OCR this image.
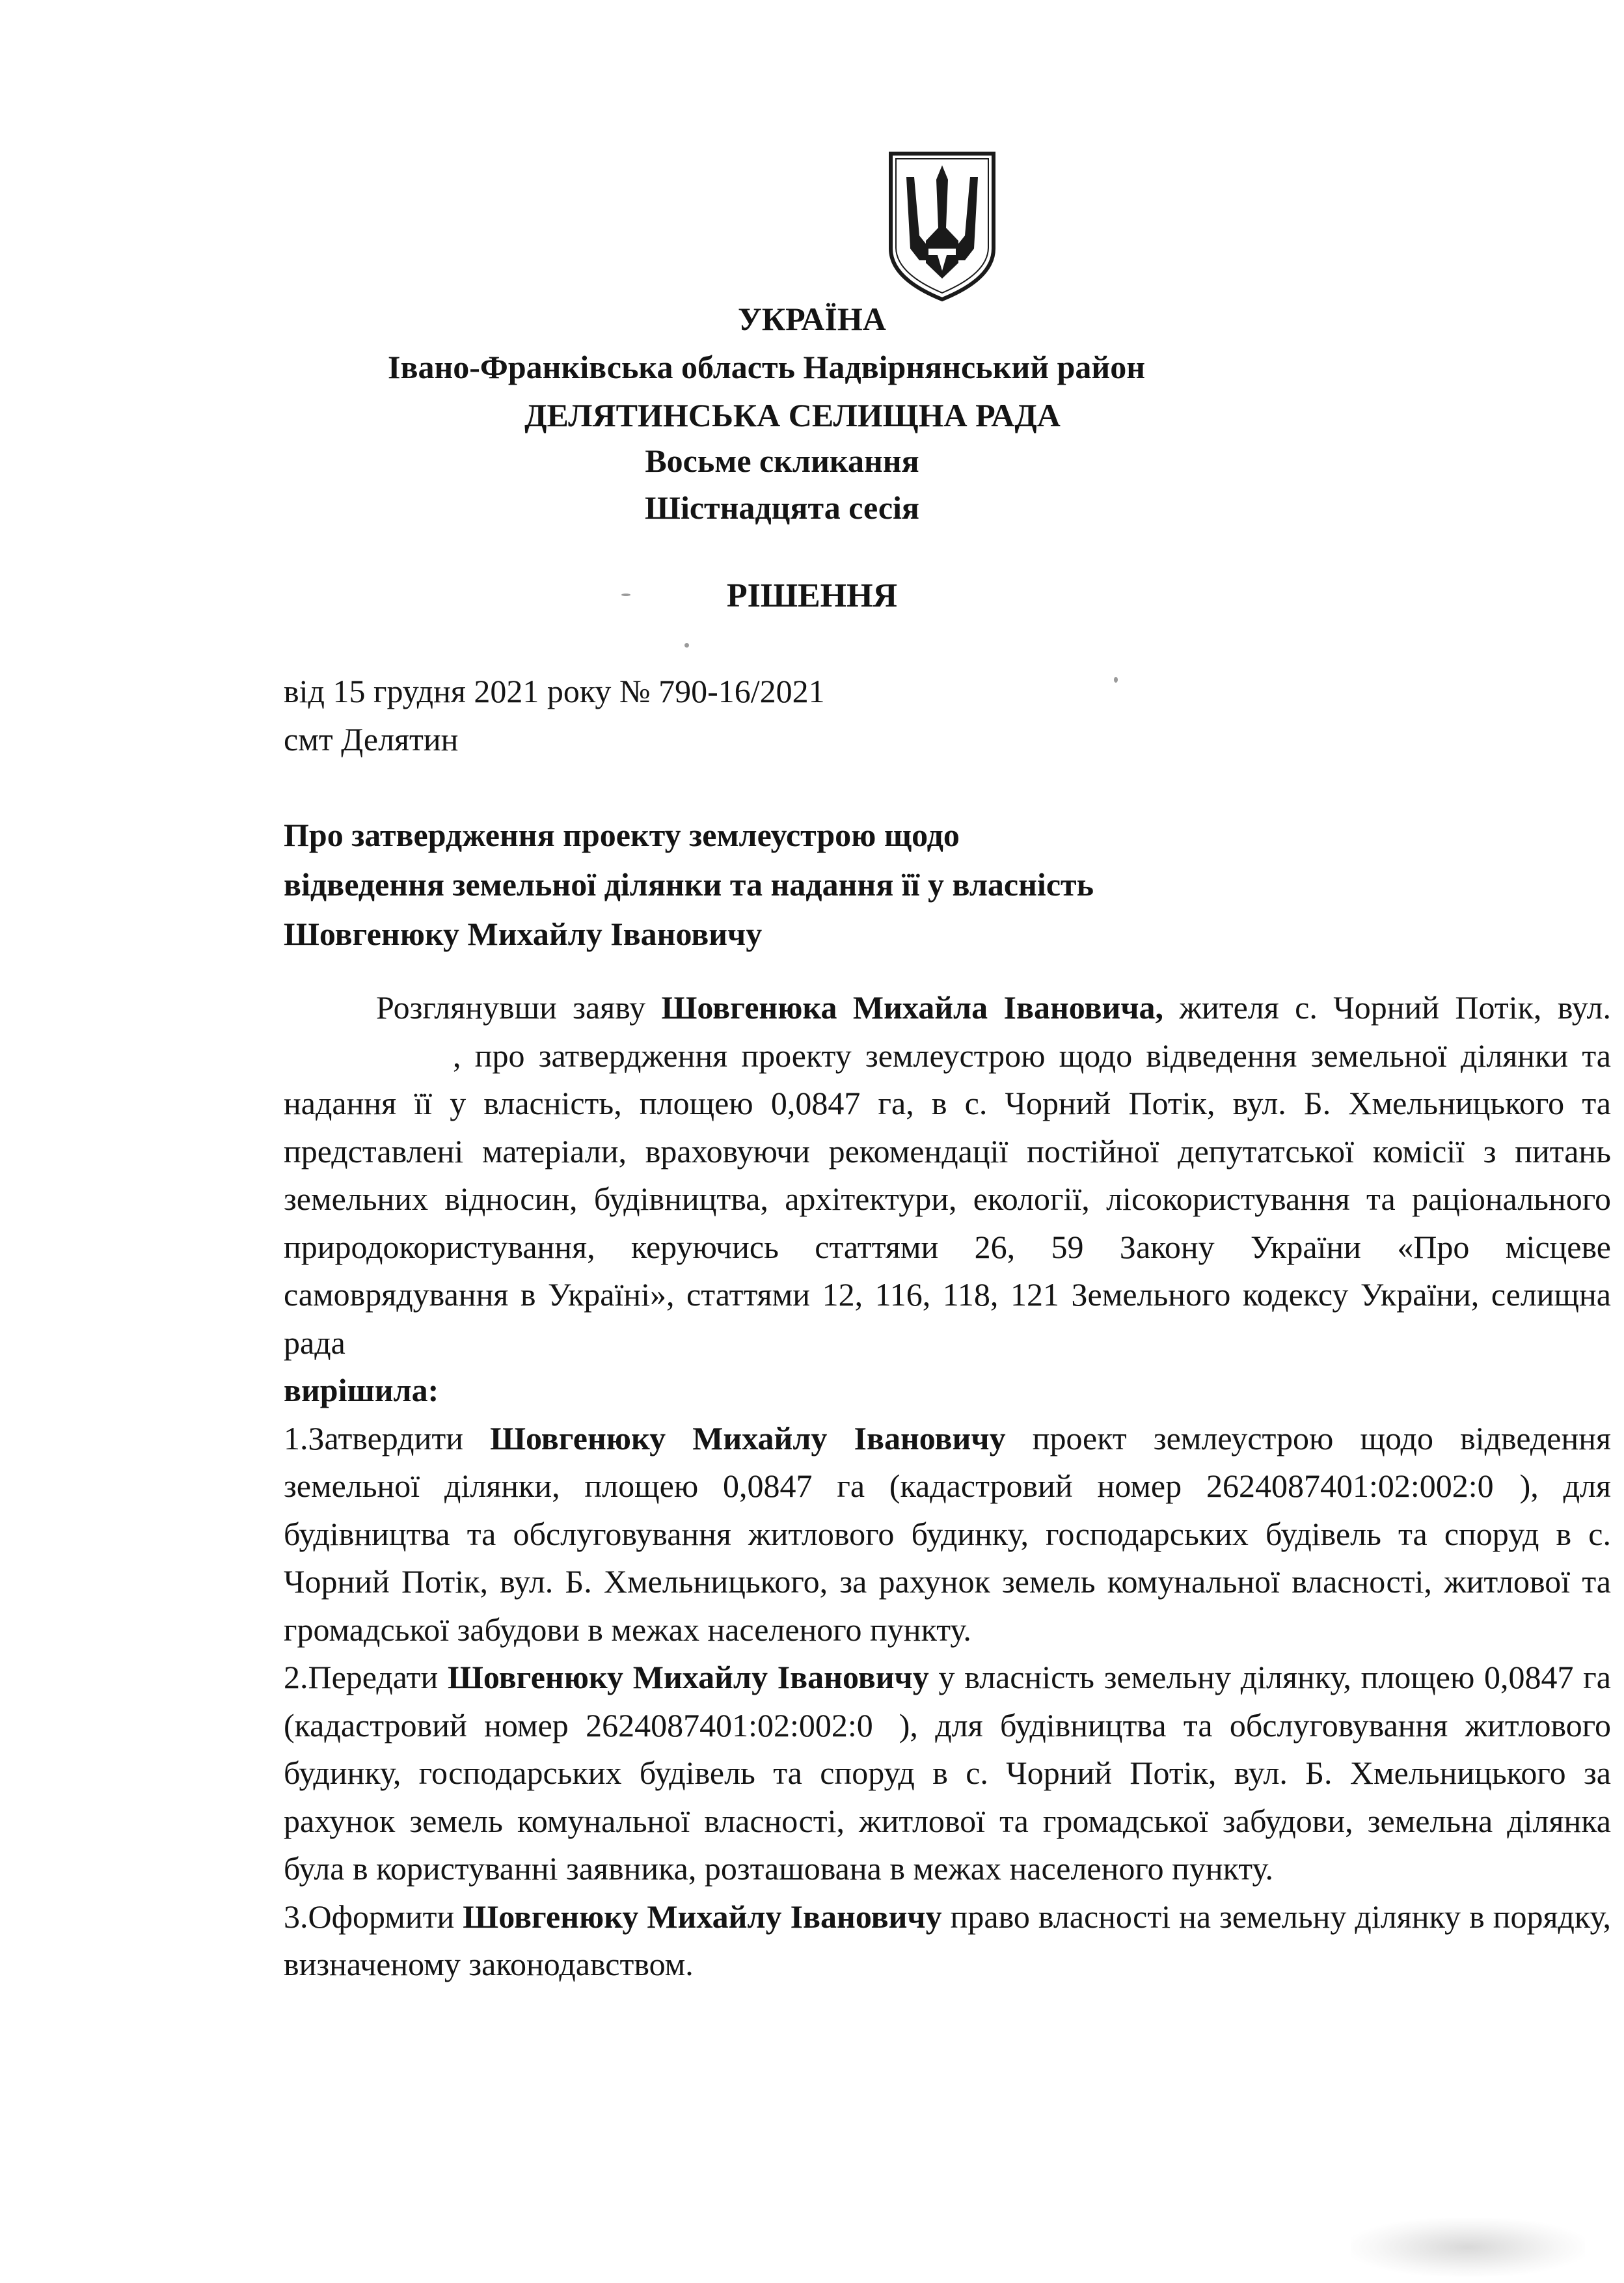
УКРАЇНА
Івано-Франківська область Надвірнянський район
ДЕЛЯТИНСЬКА СЕЛИЩНА РАДА
Восьме скликання
Шістнадцята сесія
РІШЕННЯ
від 15 грудня 2021 року № 790-16/2021
смт Делятин
Про затвердження проекту землеустрою щодо
відведення земельної ділянки та надання її у власність
Шовгенюку Михайлу Івановичу

Розглянувши заяву Шовгенюка Михайла Івановича, жителя с. Чорний Потік, вул., про затвердження проекту землеустрою щодо відведення земельної ділянки та надання її у власність, площею 0,0847 га, в с. Чорний Потік, вул. Б. Хмельницького та представлені матеріали, враховуючи рекомендації постійної депутатської комісії з питань земельних відносин, будівництва, архітектури, екології, лісокористування та раціонального природокористування, керуючись статтями 26, 59 Закону України «Про місцеве самоврядування в Україні», статтями 12, 116, 118, 121 Земельного кодексу України, селищна рада

вирішила:

1.Затвердити Шовгенюку Михайлу Івановичу проект землеустрою щодо відведення земельної ділянки, площею 0,0847 га (кадастровий номер 2624087401:02:002:0 ), для будівництва та обслуговування житлового будинку, господарських будівель та споруд в с. Чорний Потік, вул. Б. Хмельницького, за рахунок земель комунальної власності, житлової та громадської забудови в межах населеного пункту.

2.Передати Шовгенюку Михайлу Івановичу у власність земельну ділянку, площею 0,0847 га (кадастровий номер 2624087401:02:002:0 ), для будівництва та обслуговування житлового будинку, господарських будівель та споруд в с. Чорний Потік, вул. Б. Хмельницького за рахунок земель комунальної власності, житлової та громадської забудови, земельна ділянка була в користуванні заявника, розташована в межах населеного пункту.

3.Оформити Шовгенюку Михайлу Івановичу право власності на земельну ділянку в порядку, визначеному законодавством.
